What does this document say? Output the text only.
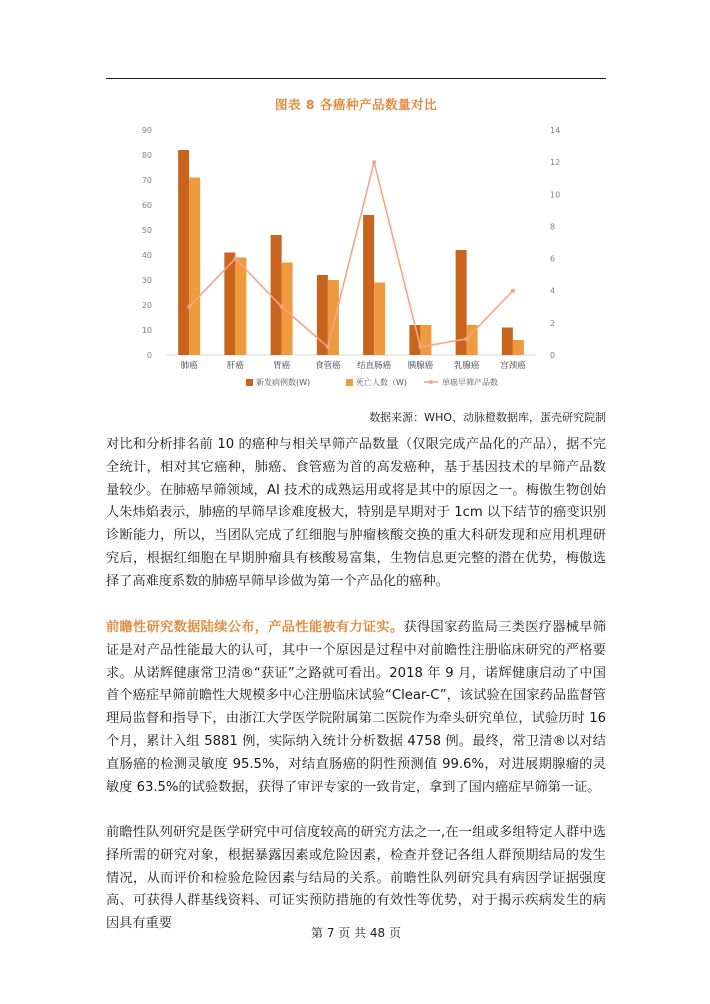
图表 8 各癌种产品数量对比
0
10
20
30
40
50
60
70
80
90
0
2
4
6
8
10
12
14
肺癌	肝癌	胃癌	食管癌 结直肠癌 胰腺癌 乳腺癌 宫颈癌
新发病例数(W)	死亡人数（W)	单癌早筛产品数
数据来源：WHO、动脉橙数据库，蛋壳研究院制

对比和分析排名前 10 的癌种与相关早筛产品数量（仅限完成产品化的产品），据不完全统计，相对其它癌种，肺癌、食管癌为首的高发癌种，基于基因技术的早筛产品数量较少。在肺癌早筛领域，AI 技术的成熟运用或将是其中的原因之一。梅傲生物创始人朱炜焰表示，肺癌的早筛早诊难度极大，特别是早期对于 1cm 以下结节的癌变识别诊断能力，所以，当团队完成了红细胞与肿瘤核酸交换的重大科研发现和应用机理研究后，根据红细胞在早期肿瘤具有核酸易富集，生物信息更完整的潜在优势，梅傲选择了高难度系数的肺癌早筛早诊做为第一个产品化的癌种。

前瞻性研究数据陆续公布，产品性能被有力证实。获得国家药监局三类医疗器械早筛证是对产品性能最大的认可，其中一个原因是过程中对前瞻性注册临床研究的严格要求。从诺辉健康常卫清®“获证”之路就可看出。2018 年 9 月，诺辉健康启动了中国首个癌症早筛前瞻性大规模多中心注册临床试验“Clear-C”，该试验在国家药品监督管理局监督和指导下，由浙江大学医学院附属第二医院作为牵头研究单位，试验历时 16 个月，累计入组 5881 例，实际纳入统计分析数据 4758 例。最终，常卫清®以对结直肠癌的检测灵敏度 95.5%，对结直肠癌的阴性预测值 99.6%，对进展期腺瘤的灵敏度 63.5%的试验数据，获得了审评专家的一致肯定，拿到了国内癌症早筛第一证。

前瞻性队列研究是医学研究中可信度较高的研究方法之一,在一组或多组特定人群中选择所需的研究对象，根据暴露因素或危险因素，检查并登记各组人群预期结局的发生情况，从而评价和检验危险因素与结局的关系。前瞻性队列研究具有病因学证据强度高、可获得人群基线资料、可证实预防措施的有效性等优势，对于揭示疾病发生的病因具有重要

第 7 页 共 48 页
